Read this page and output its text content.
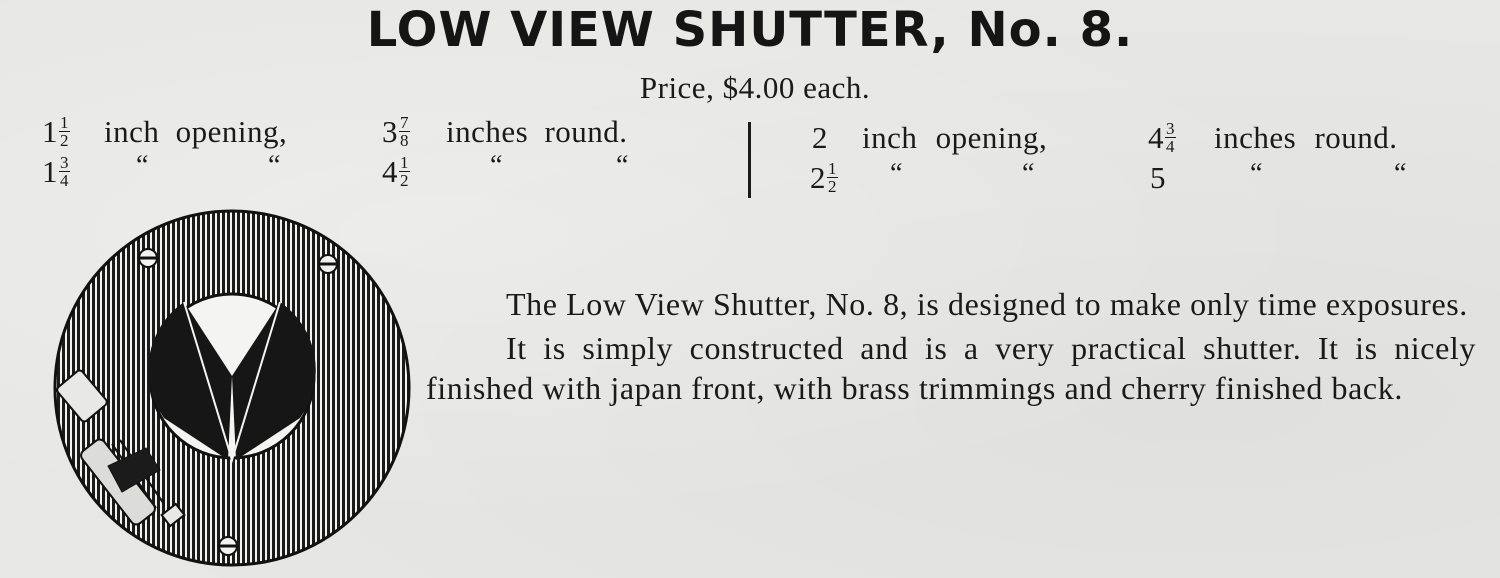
LOW VIEW SHUTTER, No. 8.
Price, $4.00 each.
$1 \frac{1}{2}$ inch opening,	$3 \frac{7}{8}$ inches round.
$1 \frac{3}{4}$ “	“	$4 \frac{1}{2}$	“	“
2 inch opening,	$4 \frac{3}{4}$ inches round.
$2 \frac{1}{2}$ “	“	5	“	“

The Low View Shutter, No. 8, is designed to make only time exposures.

It is simply constructed and is a very practical shutter. It is nicely finished with japan front, with brass trimmings and cherry finished back.
